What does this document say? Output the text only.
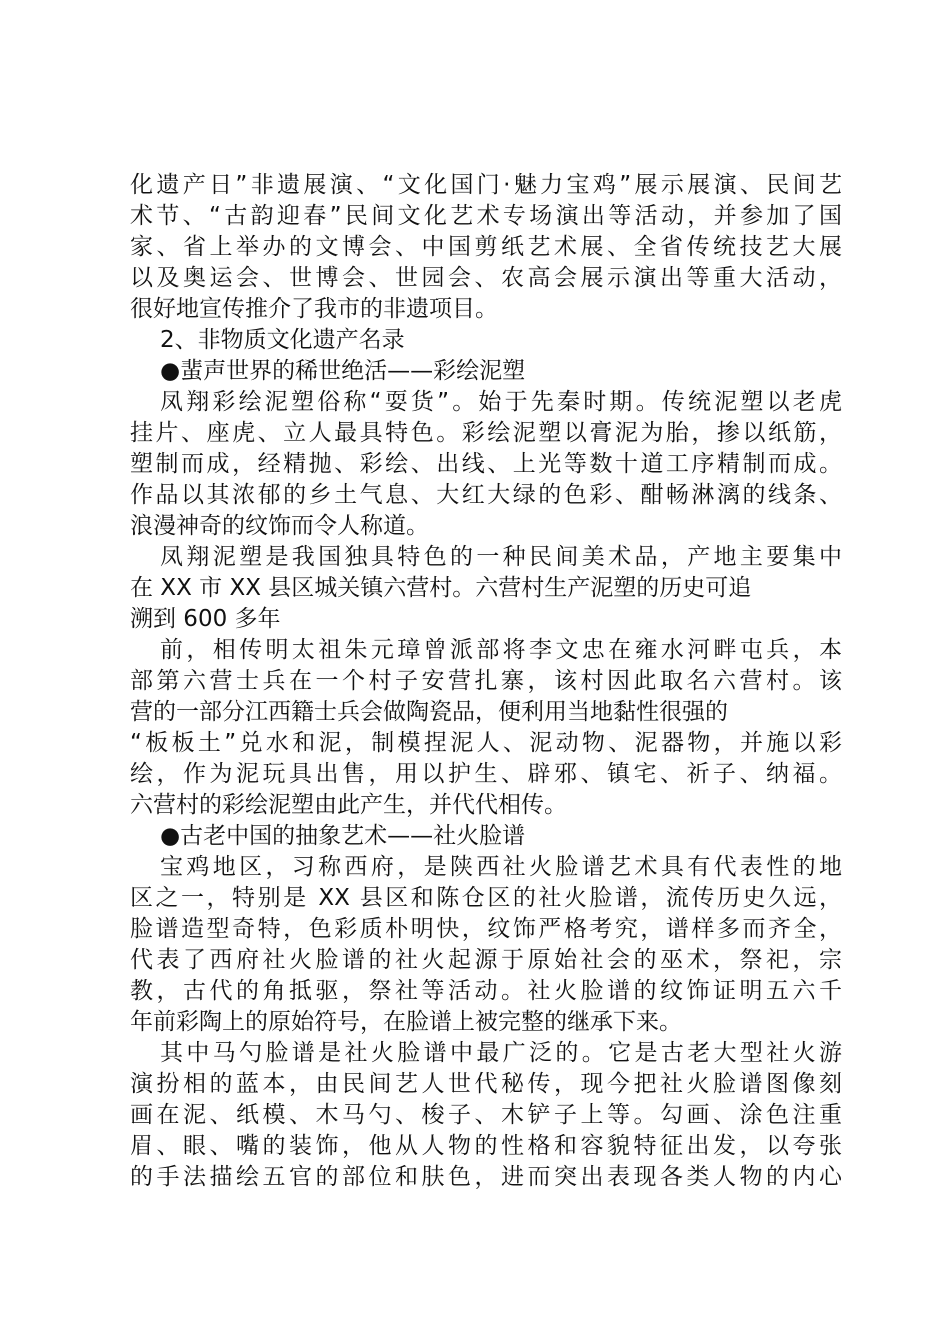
化遗产日”非遗展演、“文化国门·魅力宝鸡”展示展演、民间艺
术节、“古韵迎春”民间文化艺术专场演出等活动，并参加了国
家、省上举办的文博会、中国剪纸艺术展、全省传统技艺大展
以及奥运会、世博会、世园会、农高会展示演出等重大活动，
很好地宣传推介了我市的非遗项目。
2、非物质文化遗产名录
●蜚声世界的稀世绝活——彩绘泥塑
凤翔彩绘泥塑俗称“耍货”。始于先秦时期。传统泥塑以老虎
挂片、座虎、立人最具特色。彩绘泥塑以膏泥为胎，掺以纸筋，
塑制而成，经精抛、彩绘、出线、上光等数十道工序精制而成。
作品以其浓郁的乡土气息、大红大绿的色彩、酣畅淋漓的线条、
浪漫神奇的纹饰而令人称道。
凤翔泥塑是我国独具特色的一种民间美术品，产地主要集中
在 XX 市 XX 县区城关镇六营村。六营村生产泥塑的历史可追
溯到 600 多年
前，相传明太祖朱元璋曾派部将李文忠在雍水河畔屯兵，本
部第六营士兵在一个村子安营扎寨，该村因此取名六营村。该
营的一部分江西籍士兵会做陶瓷品，便利用当地黏性很强的
“板板土”兑水和泥，制模捏泥人、泥动物、泥器物，并施以彩
绘，作为泥玩具出售，用以护生、辟邪、镇宅、祈子、纳福。
六营村的彩绘泥塑由此产生，并代代相传。
●古老中国的抽象艺术——社火脸谱
宝鸡地区，习称西府，是陕西社火脸谱艺术具有代表性的地
区之一，特别是 XX 县区和陈仓区的社火脸谱，流传历史久远，
脸谱造型奇特，色彩质朴明快，纹饰严格考究，谱样多而齐全，
代表了西府社火脸谱的社火起源于原始社会的巫术，祭祀，宗
教，古代的角抵驱，祭社等活动。社火脸谱的纹饰证明五六千
年前彩陶上的原始符号，在脸谱上被完整的继承下来。
其中马勺脸谱是社火脸谱中最广泛的。它是古老大型社火游
演扮相的蓝本，由民间艺人世代秘传，现今把社火脸谱图像刻
画在泥、纸模、木马勺、梭子、木铲子上等。勾画、涂色注重
眉、眼、嘴的装饰，他从人物的性格和容貌特征出发，以夸张
的手法描绘五官的部位和肤色，进而突出表现各类人物的内心
